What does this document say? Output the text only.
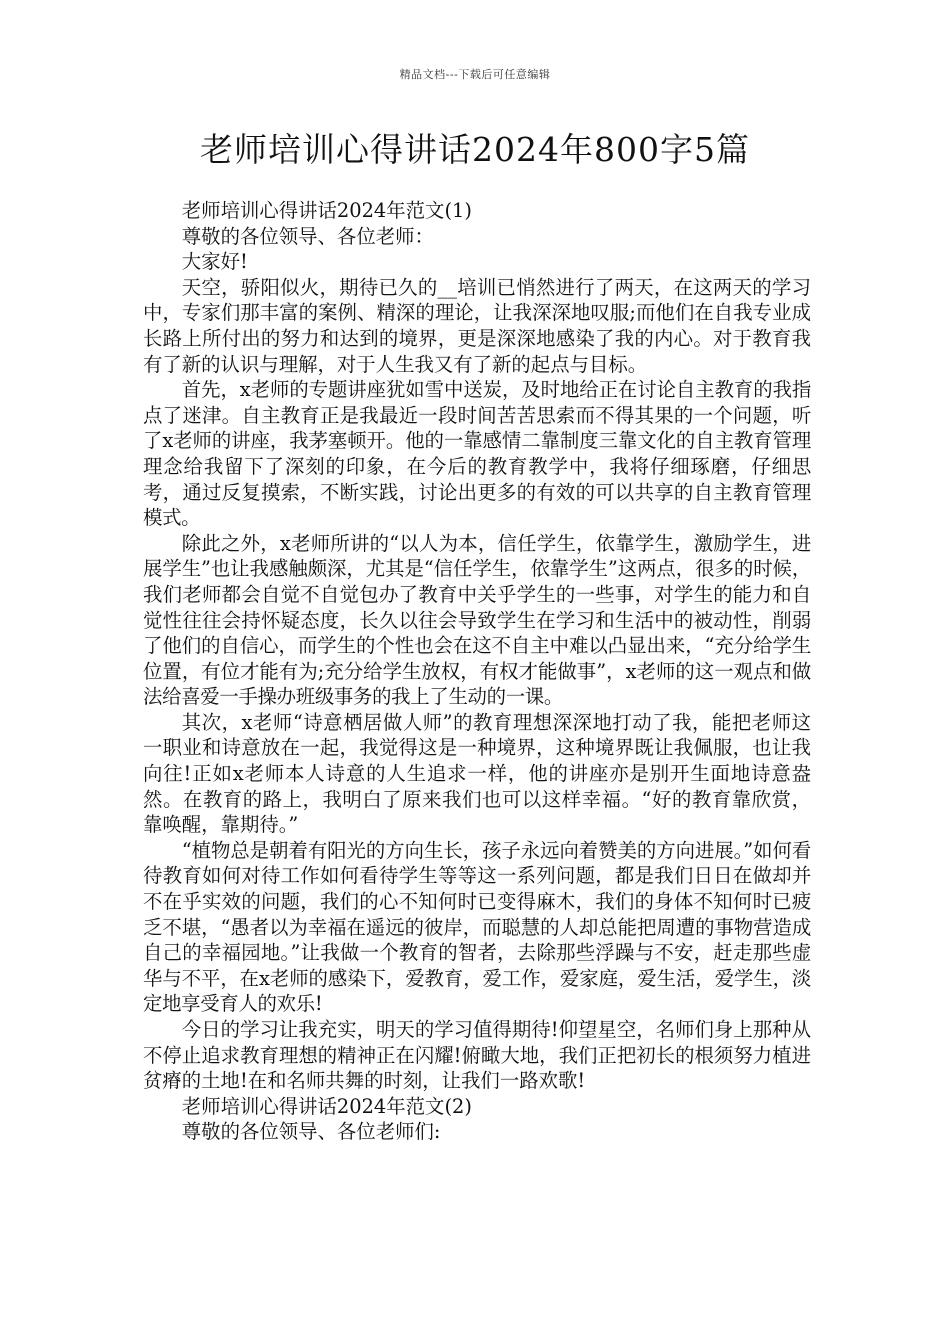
精品文档---下载后可任意编辑
老师培训心得讲话2024年800字5篇

老师培训心得讲话2024年范文(1)

尊敬的各位领导、各位老师：

大家好!

天空，骄阳似火，期待已久的__培训已悄然进行了两天，在这两天的学习中，专家们那丰富的案例、精深的理论，让我深深地叹服;而他们在自我专业成长路上所付出的努力和达到的境界，更是深深地感染了我的内心。对于教育我有了新的认识与理解，对于人生我又有了新的起点与目标。

首先，x老师的专题讲座犹如雪中送炭，及时地给正在讨论自主教育的我指点了迷津。自主教育正是我最近一段时间苦苦思索而不得其果的一个问题，听了x老师的讲座，我茅塞顿开。他的一靠感情二靠制度三靠文化的自主教育管理理念给我留下了深刻的印象，在今后的教育教学中，我将仔细琢磨，仔细思考，通过反复摸索，不断实践，讨论出更多的有效的可以共享的自主教育管理模式。

除此之外，x老师所讲的“以人为本，信任学生，依靠学生，激励学生，进展学生”也让我感触颇深，尤其是“信任学生，依靠学生”这两点，很多的时候，我们老师都会自觉不自觉包办了教育中关乎学生的一些事，对学生的能力和自觉性往往会持怀疑态度，长久以往会导致学生在学习和生活中的被动性，削弱了他们的自信心，而学生的个性也会在这不自主中难以凸显出来，“充分给学生位置，有位才能有为;充分给学生放权，有权才能做事”，x老师的这一观点和做法给喜爱一手操办班级事务的我上了生动的一课。

其次，x老师“诗意栖居做人师”的教育理想深深地打动了我，能把老师这一职业和诗意放在一起，我觉得这是一种境界，这种境界既让我佩服，也让我向往!正如x老师本人诗意的人生追求一样，他的讲座亦是别开生面地诗意盎然。在教育的路上，我明白了原来我们也可以这样幸福。“好的教育靠欣赏，靠唤醒，靠期待。”

“植物总是朝着有阳光的方向生长，孩子永远向着赞美的方向进展。”如何看待教育如何对待工作如何看待学生等等这一系列问题，都是我们日日在做却并不在乎实效的问题，我们的心不知何时已变得麻木，我们的身体不知何时已疲乏不堪，“愚者以为幸福在遥远的彼岸，而聪慧的人却总能把周遭的事物营造成自己的幸福园地。”让我做一个教育的智者，去除那些浮躁与不安，赶走那些虚华与不平，在x老师的感染下，爱教育，爱工作，爱家庭，爱生活，爱学生，淡定地享受育人的欢乐!

今日的学习让我充实，明天的学习值得期待!仰望星空，名师们身上那种从不停止追求教育理想的精神正在闪耀!俯瞰大地，我们正把初长的根须努力植进贫瘠的土地!在和名师共舞的时刻，让我们一路欢歌!

老师培训心得讲话2024年范文(2)

尊敬的各位领导、各位老师们:
